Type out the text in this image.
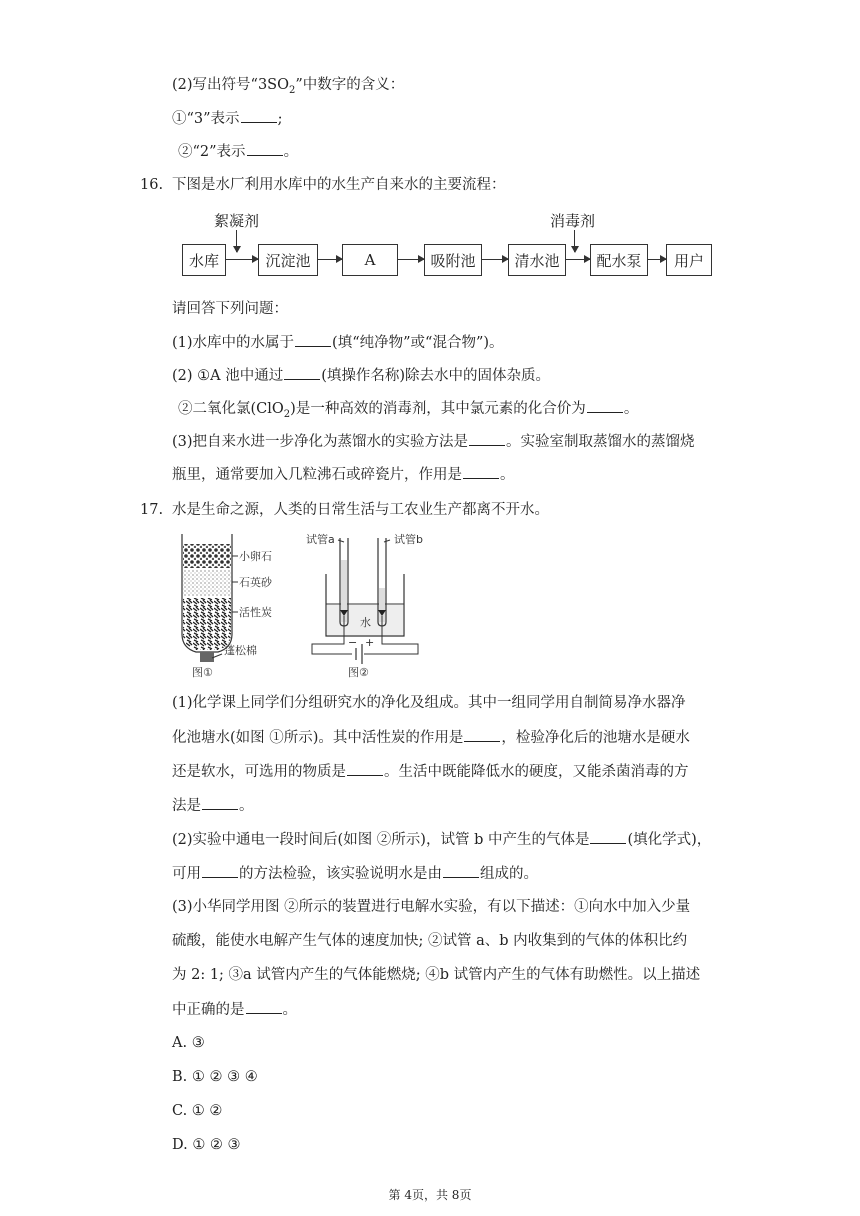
(2)写出符号“$3SO_2$”中数字的含义：
①“3”表示	;
②“2”表示	。
16. 下图是水厂利用水库中的水生产自来水的主要流程：
絮凝剂	消毒剂
水库	沉淀池	A	吸附池	清水池	配水泵	用户
请回答下列问题：
(1)水库中的水属于	(填“纯净物”或“混合物”)。
(2) ①A 池中通过	(填操作名称)除去水中的固体杂质。
②二氧化氯(ClO$_2$)是一种高效的消毒剂，其中氯元素的化合价为	。
(3)把自来水进一步净化为蒸馏水的实验方法是	。实验室制取蒸馏水的蒸馏烧
瓶里，通常要加入几粒沸石或碎瓷片，作用是	。
17. 水是生命之源，人类的日常生活与工农业生产都离不开水。
小卵石
石英砂
活性炭
蓬松棉
图①
试管a	试管b
水
− +
图②
(1)化学课上同学们分组研究水的净化及组成。其中一组同学用自制简易净水器净
化池塘水(如图 ①所示)。其中活性炭的作用是	，检验净化后的池塘水是硬水
还是软水，可选用的物质是	。生活中既能降低水的硬度，又能杀菌消毒的方
法是	。
(2)实验中通电一段时间后(如图 ②所示)，试管 b 中产生的气体是	(填化学式)，
可用	的方法检验，该实验说明水是由	组成的。
(3)小华同学用图 ②所示的装置进行电解水实验，有以下描述：①向水中加入少量
硫酸，能使水电解产生气体的速度加快; ②试管 a、b 内收集到的气体的体积比约
为 2: 1; ③a 试管内产生的气体能燃烧; ④b 试管内产生的气体有助燃性。以上描述
中正确的是	。
A. ③
B. ① ② ③ ④
C. ① ②
D. ① ② ③
第 4页，共 8页
